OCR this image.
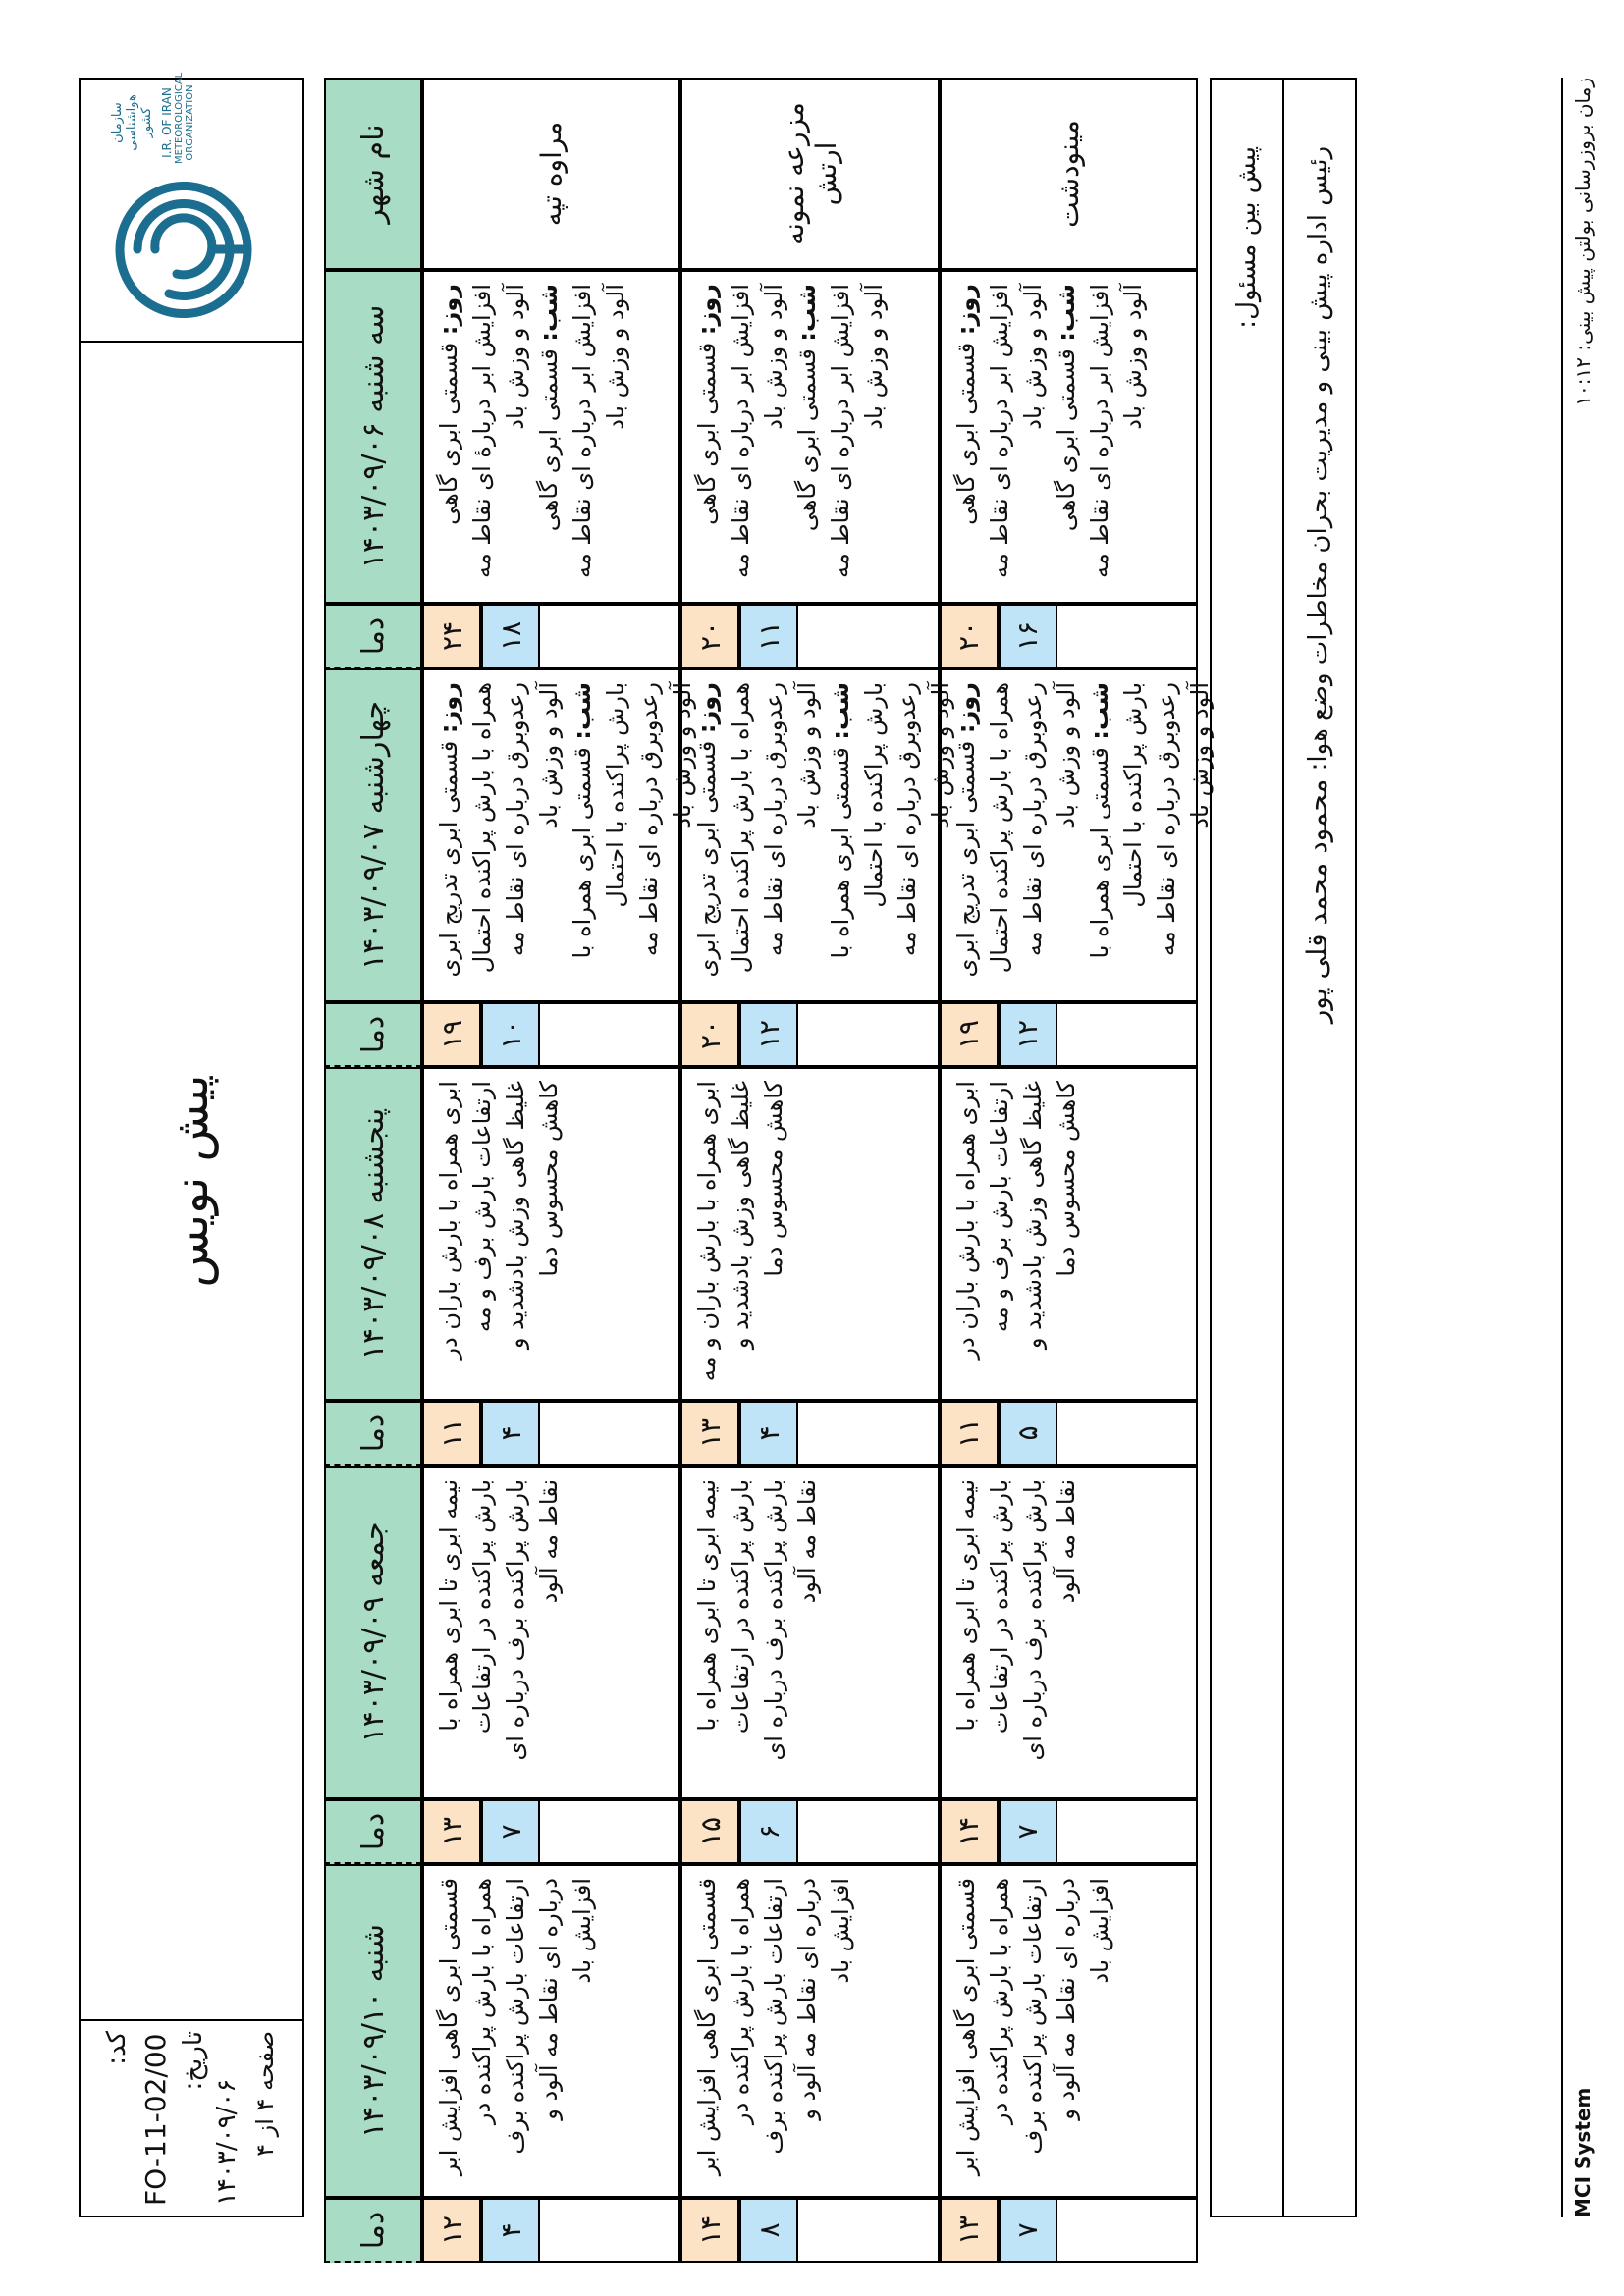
کد: FO-11-02/00 تاریخ:
۱۴۰۳/۰۹/۰۶
صفحه ۴ از ۴
پیش نویس
سازمان هواشناسی کشور I.R. OF IRAN METEOROLOGICAL ORGANIZATION
نام شهر
سه شنبه ۱۴۰۳/۰۹/۰۶
دما
چهارشنبه ۱۴۰۳/۰۹/۰۷
دما
پنجشنبه ۱۴۰۳/۰۹/۰۸
دما
جمعه ۱۴۰۳/۰۹/۰۹
دما
شنبه ۱۴۰۳/۰۹/۱۰
دما
مراوه تپه
روز: قسمتی ابری گاهی افزایش ابر دربارهٔ ای نقاط مه آلود و وزش باد شب: قسمتی ابری گاهی افزایش ابر درباره ای نقاط مه آلود و وزش باد
۲۴ ۱۸
روز: قسمتی ابری تدریج ابری همراه با بارش پراکنده احتمال رعدوبرق درباره ای نقاط مه آلود و وزش باد شب: قسمتی ابری همراه با بارش پراکنده با احتمال رعدوبرق درباره ای نقاط مه آلود و وزش باد
۱۹ ۱۰
ابری همراه با بارش باران در ارتفاعات بارش برف و مه غلیظ گاهی وزش بادشدید و کاهش محسوس دما
۱۱ ۴
نیمه ابری تا ابری همراه با بارش پراکنده در ارتفاعات بارش پراکنده برف درباره ای نقاط مه آلود
۱۳ ۷
قسمتی ابری گاهی افزایش ابر همراه با بارش پراکنده در ارتفاعات بارش پراکنده برف درباره ای نقاط مه آلود و افزایش باد
۱۲ ۴
مزرعه نمونه ارتش
روز: قسمتی ابری گاهی افزایش ابر درباره ای نقاط مه آلود و وزش باد شب: قسمتی ابری گاهی افزایش ابر درباره ای نقاط مه آلود و وزش باد
۲۰ ۱۱
روز: قسمتی ابری تدریج ابری همراه با بارش پراکنده احتمال رعدوبرق درباره ای نقاط مه آلود و وزش باد شب: قسمتی ابری همراه با بارش پراکنده با احتمال رعدوبرق درباره ای نقاط مه آلود و وزش باد
۲۰ ۱۲
ابری همراه با بارش باران و مه غلیظ گاهی وزش بادشدید و کاهش محسوس دما
۱۳ ۴
نیمه ابری تا ابری همراه با بارش پراکنده در ارتفاعات بارش پراکنده برف درباره ای نقاط مه آلود
۱۵ ۶
قسمتی ابری گاهی افزایش ابر همراه با بارش پراکنده در ارتفاعات بارش پراکنده برف درباره ای نقاط مه آلود و افزایش باد
۱۴ ۸
مینودشت
روز: قسمتی ابری گاهی افزایش ابر درباره ای نقاط مه آلود و وزش باد شب: قسمتی ابری گاهی افزایش ابر درباره ای نقاط مه آلود و وزش باد
۲۰ ۱۶
روز: قسمتی ابری تدریج ابری همراه با بارش پراکنده احتمال رعدوبرق درباره ای نقاط مه آلود و وزش باد شب: قسمتی ابری همراه با بارش پراکنده با احتمال رعدوبرق درباره ای نقاط مه آلود و وزش باد
۱۹ ۱۲
ابری همراه با بارش باران در ارتفاعات بارش برف و مه غلیظ گاهی وزش بادشدید و کاهش محسوس دما
۱۱ ۵
نیمه ابری تا ابری همراه با بارش پراکنده در ارتفاعات بارش پراکنده برف درباره ای نقاط مه آلود
۱۴ ۷
قسمتی ابری گاهی افزایش ابر همراه با بارش پراکنده در ارتفاعات بارش پراکنده برف درباره ای نقاط مه آلود و افزایش باد
۱۳ ۷
پیش بین مسئول:	رئیس اداره پیش بینی و مدیریت بحران مخاطرات وضع هوا: محمود محمد قلی پور
MCI System
زمان بروزرسانی بولتن پیش بینی: ۱۰:۱۲
